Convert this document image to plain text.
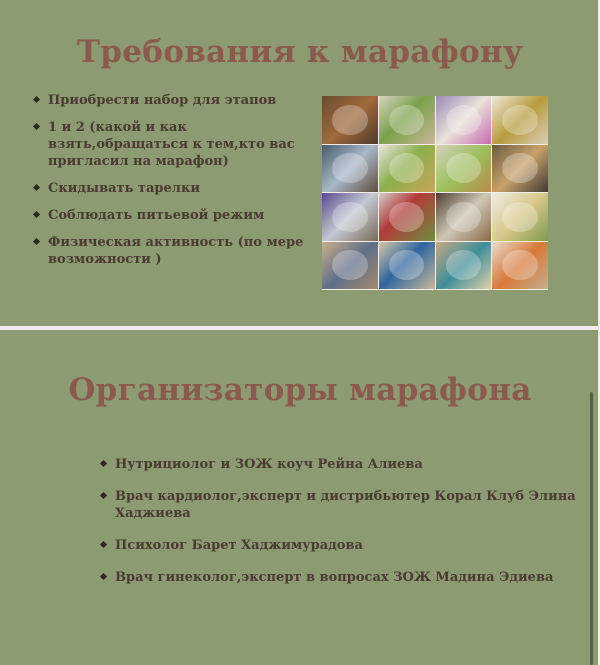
Требования к марафону
Приобрести набор для этапов
1 и 2 (какой и как взять,обращаться к тем,кто вас пригласил на марафон)
Скидывать тарелки
Соблюдать питьевой режим
Физическая активность (по мере возможности )
Организаторы марафона
Нутрициолог и ЗОЖ коуч Рейна Алиева
Врач кардиолог,эксперт и дистрибьютер Корал Клуб Элина Хаджиева
Психолог Барет Хаджимурадова
Врач гинеколог,эксперт в вопросах ЗОЖ Мадина Эдиева
